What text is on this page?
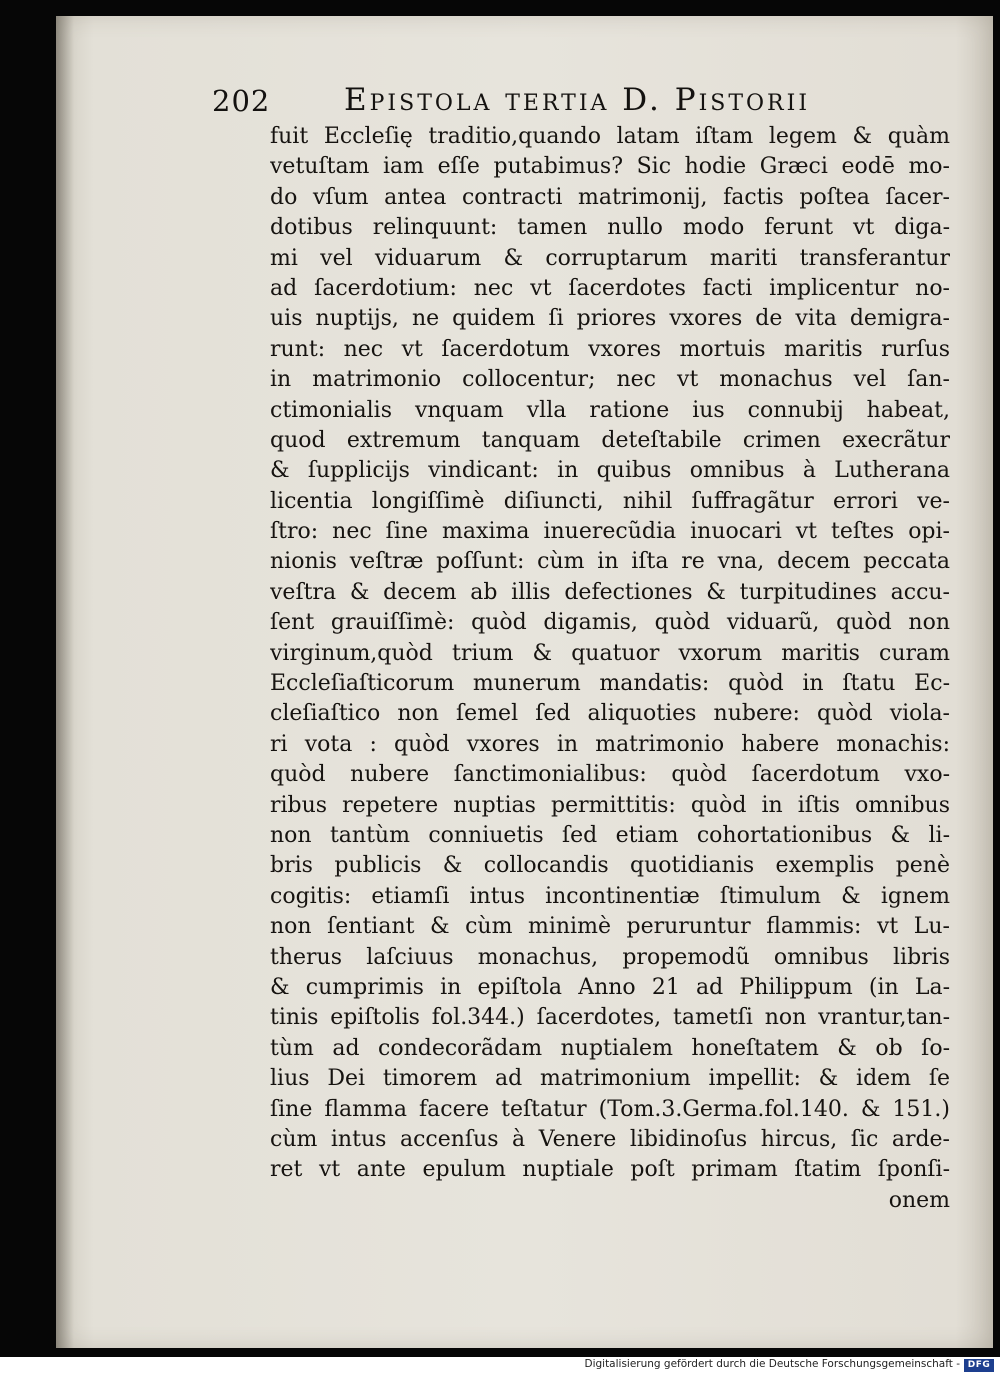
202 Epistola tertia D. Pistorii
fuit Eccleſię traditio,quando latam iſtam legem & quàm
vetuſtam iam eſſe putabimus? Sic hodie Græci eodē mo-
do vſum antea contracti matrimonij, factis poſtea ſacer-
dotibus relinquunt: tamen nullo modo ferunt vt diga-
mi vel viduarum & corruptarum mariti transferantur
ad ſacerdotium: nec vt ſacerdotes facti implicentur no-
uis nuptijs, ne quidem ſi priores vxores de vita demigra-
runt: nec vt ſacerdotum vxores mortuis maritis rurſus
in matrimonio collocentur; nec vt monachus vel ſan-
ctimonialis vnquam vlla ratione ius connubij habeat,
quod extremum tanquam deteſtabile crimen execrãtur
& ſupplicijs vindicant: in quibus omnibus à Lutherana
licentia longiſſimè diſiuncti, nihil ſuffragãtur errori ve-
ſtro: nec ſine maxima inuerecũdia inuocari vt teſtes opi-
nionis veſtræ poſſunt: cùm in iſta re vna, decem peccata
veſtra & decem ab illis defectiones & turpitudines accu-
ſent grauiſſimè: quòd digamis, quòd viduarũ, quòd non
virginum,quòd trium & quatuor vxorum maritis curam
Eccleſiaſticorum munerum mandatis: quòd in ſtatu Ec-
cleſiaſtico non ſemel ſed aliquoties nubere: quòd viola-
ri vota : quòd vxores in matrimonio habere monachis:
quòd nubere ſanctimonialibus: quòd ſacerdotum vxo-
ribus repetere nuptias permittitis: quòd in iſtis omnibus
non tantùm conniuetis ſed etiam cohortationibus & li-
bris publicis & collocandis quotidianis exemplis penè
cogitis: etiamſi intus incontinentiæ ſtimulum & ignem
non ſentiant & cùm minimè peruruntur flammis: vt Lu-
therus laſciuus monachus, propemodũ omnibus libris
& cumprimis in epiſtola Anno 21 ad Philippum (in La-
tinis epiſtolis fol.344.) ſacerdotes, tametſi non vrantur,tan-
tùm ad condecorãdam nuptialem honeſtatem & ob ſo-
lius Dei timorem ad matrimonium impellit: & idem ſe
ſine flamma facere teſtatur (Tom.3.Germa.fol.140. & 151.)
cùm intus accenſus à Venere libidinoſus hircus, ſic arde-
ret vt ante epulum nuptiale poſt primam ſtatim ſponſi-
onem
Digitalisierung gefördert durch die Deutsche Forschungsgemeinschaft - DFG
